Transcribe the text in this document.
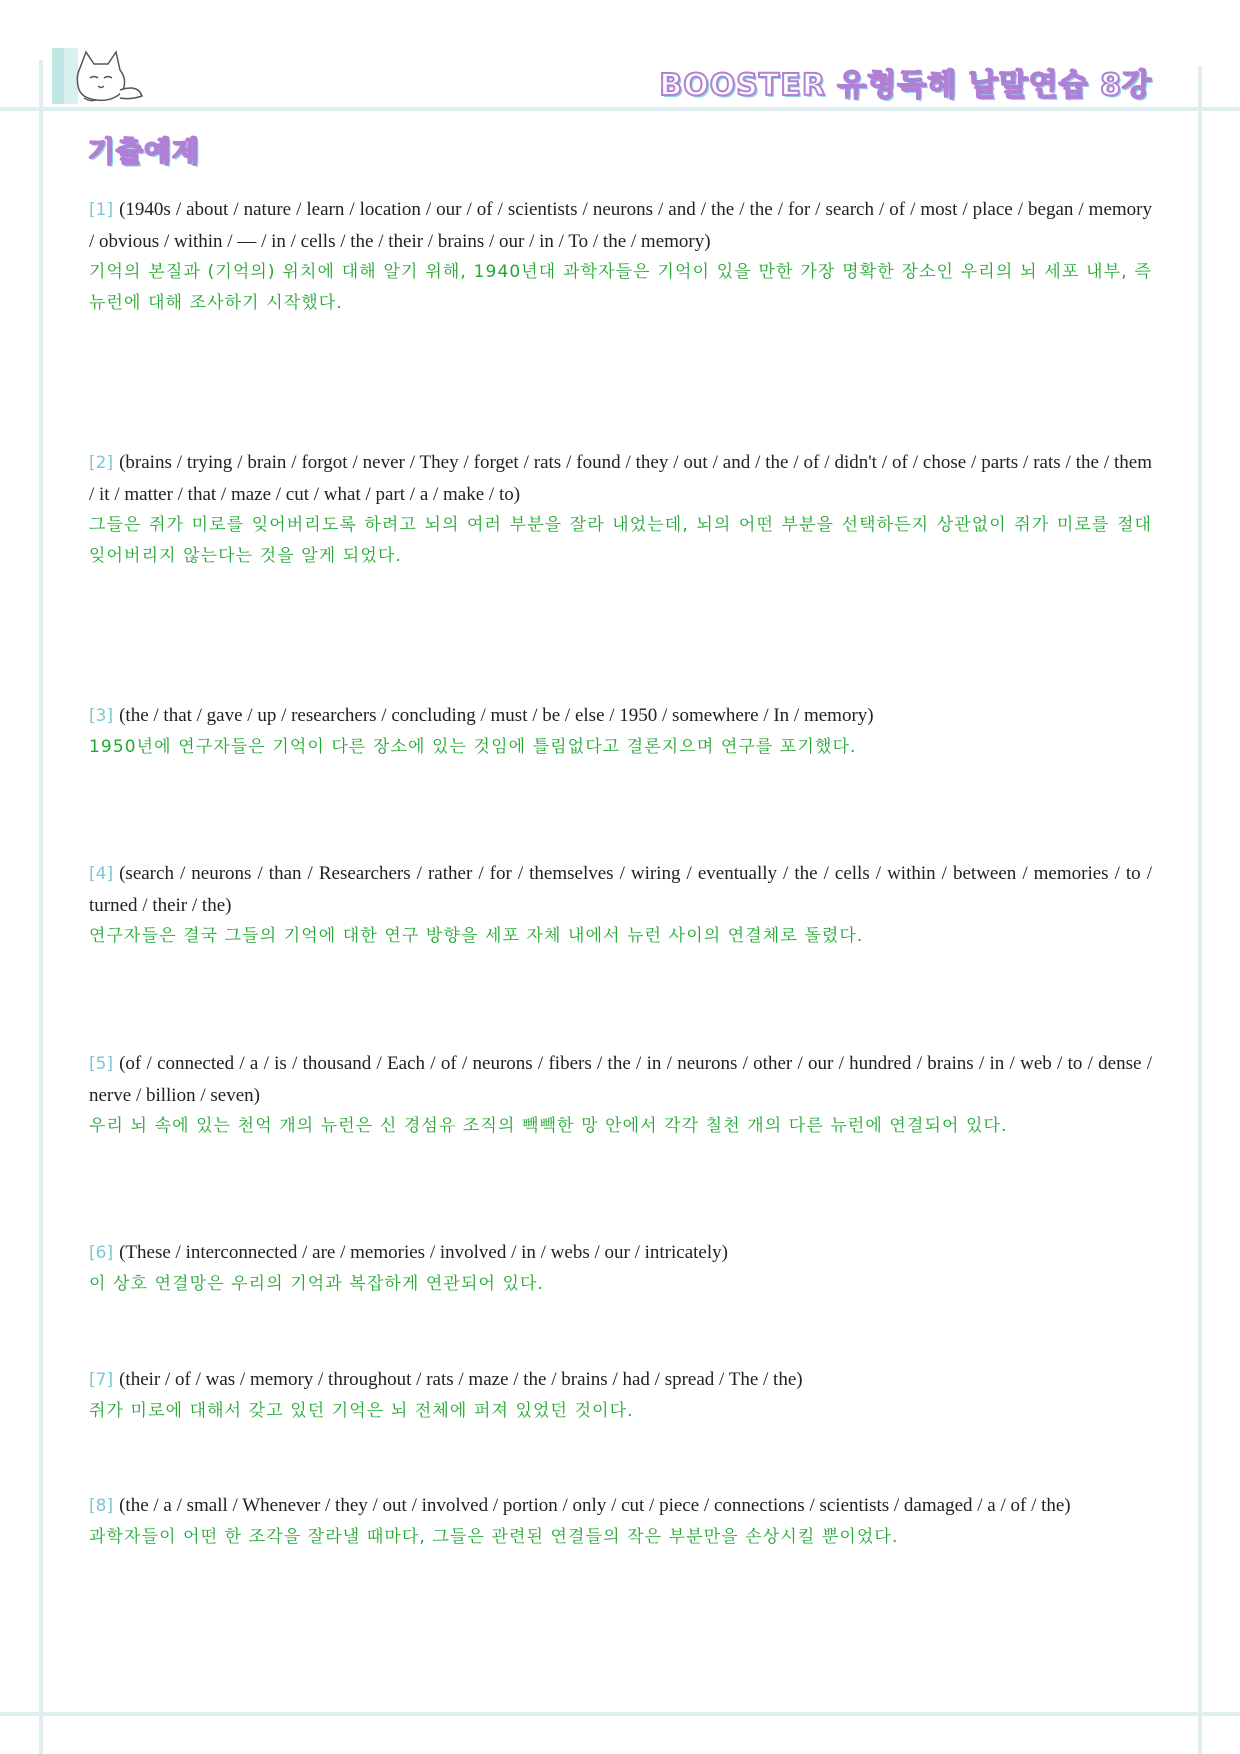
BOOSTER 유형독해 낱말연습 8강
기출예제

[1] (1940s / about / nature / learn / location / our / of / scientists / neurons / and / the / the / for / search / of / most / place / began / memory / obvious / within / — / in / cells / the / their / brains / our / in / To / the / memory)

기억의 본질과 (기억의) 위치에 대해 알기 위해, 1940년대 과학자들은 기억이 있을 만한 가장 명확한 장소인 우리의 뇌 세포 내부, 즉 뉴런에 대해 조사하기 시작했다.

[2] (brains / trying / brain / forgot / never / They / forget / rats / found / they / out / and / the / of / didn't / of / chose / parts / rats / the / them / it / matter / that / maze / cut / what / part / a / make / to)

그들은 쥐가 미로를 잊어버리도록 하려고 뇌의 여러 부분을 잘라 내었는데, 뇌의 어떤 부분을 선택하든지 상관없이 쥐가 미로를 절대 잊어버리지 않는다는 것을 알게 되었다.

[3] (the / that / gave / up / researchers / concluding / must / be / else / 1950 / somewhere / In / memory)

1950년에 연구자들은 기억이 다른 장소에 있는 것임에 틀림없다고 결론지으며 연구를 포기했다.

[4] (search / neurons / than / Researchers / rather / for / themselves / wiring / eventually / the / cells / within / between / memories / to / turned / their / the)

연구자들은 결국 그들의 기억에 대한 연구 방향을 세포 자체 내에서 뉴런 사이의 연결체로 돌렸다.

[5] (of / connected / a / is / thousand / Each / of / neurons / fibers / the / in / neurons / other / our / hundred / brains / in / web / to / dense / nerve / billion / seven)

우리 뇌 속에 있는 천억 개의 뉴런은 신 경섬유 조직의 빽빽한 망 안에서 각각 칠천 개의 다른 뉴런에 연결되어 있다.

[6] (These / interconnected / are / memories / involved / in / webs / our / intricately)

이 상호 연결망은 우리의 기억과 복잡하게 연관되어 있다.

[7] (their / of / was / memory / throughout / rats / maze / the / brains / had / spread / The / the)

쥐가 미로에 대해서 갖고 있던 기억은 뇌 전체에 퍼져 있었던 것이다.

[8] (the / a / small / Whenever / they / out / involved / portion / only / cut / piece / connections / scientists / damaged / a / of / the)

과학자들이 어떤 한 조각을 잘라낼 때마다, 그들은 관련된 연결들의 작은 부분만을 손상시킬 뿐이었다.
